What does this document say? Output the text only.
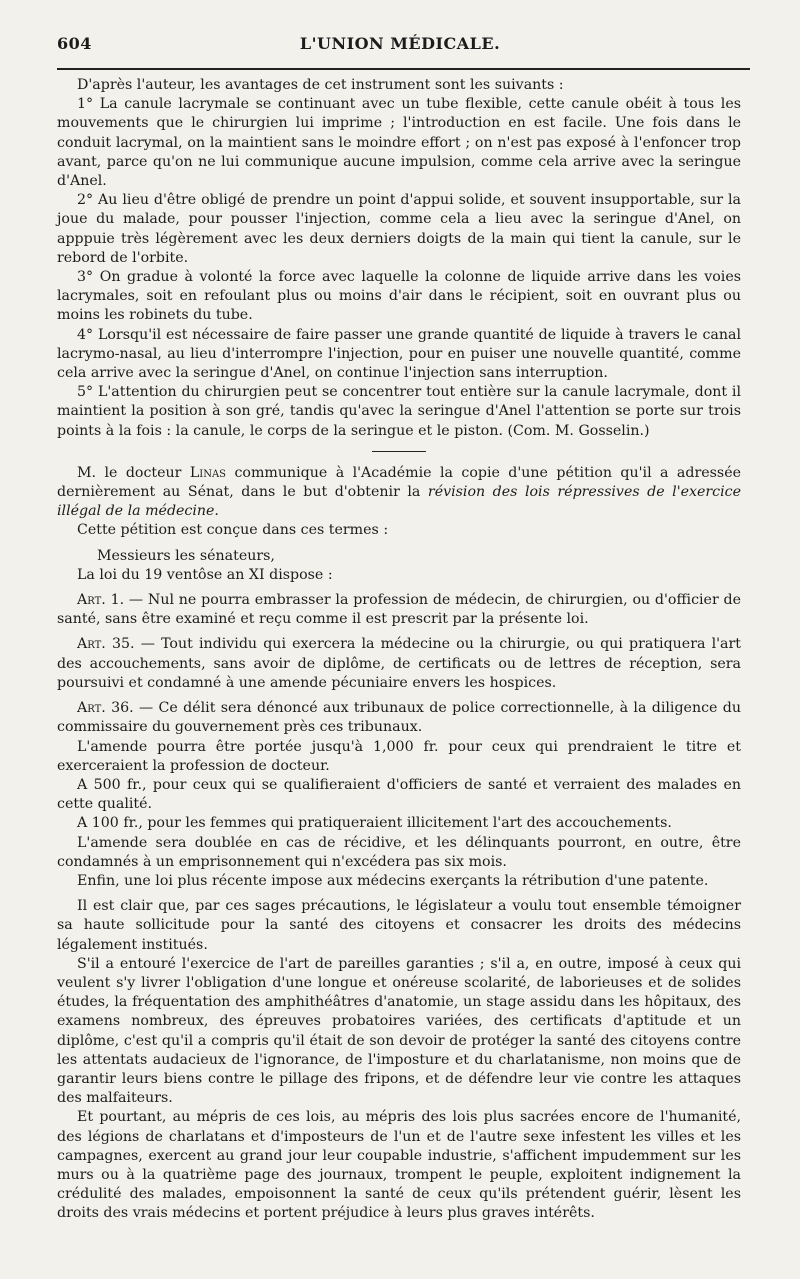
604	L'UNION MÉDICALE.

D'après l'auteur, les avantages de cet instrument sont les suivants :

1° La canule lacrymale se continuant avec un tube flexible, cette canule obéit à tous les mouvements que le chirurgien lui imprime ; l'introduction en est facile. Une fois dans le conduit lacrymal, on la maintient sans le moindre effort ; on n'est pas exposé à l'enfoncer trop avant, parce qu'on ne lui communique aucune impulsion, comme cela arrive avec la seringue d'Anel.

2° Au lieu d'être obligé de prendre un point d'appui solide, et souvent insupportable, sur la joue du malade, pour pousser l'injection, comme cela a lieu avec la seringue d'Anel, on apppuie très légèrement avec les deux derniers doigts de la main qui tient la canule, sur le rebord de l'orbite.

3° On gradue à volonté la force avec laquelle la colonne de liquide arrive dans les voies lacrymales, soit en refoulant plus ou moins d'air dans le récipient, soit en ouvrant plus ou moins les robinets du tube.

4° Lorsqu'il est nécessaire de faire passer une grande quantité de liquide à travers le canal lacrymo-nasal, au lieu d'interrompre l'injection, pour en puiser une nouvelle quantité, comme cela arrive avec la seringue d'Anel, on continue l'injection sans interruption.

5° L'attention du chirurgien peut se concentrer tout entière sur la canule lacrymale, dont il maintient la position à son gré, tandis qu'avec la seringue d'Anel l'attention se porte sur trois points à la fois : la canule, le corps de la seringue et le piston. (Com. M. Gosselin.)

M. le docteur Linas communique à l'Académie la copie d'une pétition qu'il a adressée dernièrement au Sénat, dans le but d'obtenir la révision des lois répressives de l'exercice illégal de la médecine.

Cette pétition est conçue dans ces termes :

Messieurs les sénateurs,

La loi du 19 ventôse an XI dispose :

Art. 1. — Nul ne pourra embrasser la profession de médecin, de chirurgien, ou d'officier de santé, sans être examiné et reçu comme il est prescrit par la présente loi.

Art. 35. — Tout individu qui exercera la médecine ou la chirurgie, ou qui pratiquera l'art des accouchements, sans avoir de diplôme, de certificats ou de lettres de réception, sera poursuivi et condamné à une amende pécuniaire envers les hospices.

Art. 36. — Ce délit sera dénoncé aux tribunaux de police correctionnelle, à la diligence du commissaire du gouvernement près ces tribunaux.

L'amende pourra être portée jusqu'à 1,000 fr. pour ceux qui prendraient le titre et exerceraient la profession de docteur.

A 500 fr., pour ceux qui se qualifieraient d'officiers de santé et verraient des malades en cette qualité.

A 100 fr., pour les femmes qui pratiqueraient illicitement l'art des accouchements.

L'amende sera doublée en cas de récidive, et les délinquants pourront, en outre, être condamnés à un emprisonnement qui n'excédera pas six mois.

Enfin, une loi plus récente impose aux médecins exerçants la rétribution d'une patente.

Il est clair que, par ces sages précautions, le législateur a voulu tout ensemble témoigner sa haute sollicitude pour la santé des citoyens et consacrer les droits des médecins légalement institués.

S'il a entouré l'exercice de l'art de pareilles garanties ; s'il a, en outre, imposé à ceux qui veulent s'y livrer l'obligation d'une longue et onéreuse scolarité, de laborieuses et de solides études, la fréquentation des amphithéâtres d'anatomie, un stage assidu dans les hôpitaux, des examens nombreux, des épreuves probatoires variées, des certificats d'aptitude et un diplôme, c'est qu'il a compris qu'il était de son devoir de protéger la santé des citoyens contre les attentats audacieux de l'ignorance, de l'imposture et du charlatanisme, non moins que de garantir leurs biens contre le pillage des fripons, et de défendre leur vie contre les attaques des malfaiteurs.

Et pourtant, au mépris de ces lois, au mépris des lois plus sacrées encore de l'humanité, des légions de charlatans et d'imposteurs de l'un et de l'autre sexe infestent les villes et les campagnes, exercent au grand jour leur coupable industrie, s'affichent impudemment sur les murs ou à la quatrième page des journaux, trompent le peuple, exploitent indignement la crédulité des malades, empoisonnent la santé de ceux qu'ils prétendent guérir, lèsent les droits des vrais médecins et portent préjudice à leurs plus graves intérêts.
